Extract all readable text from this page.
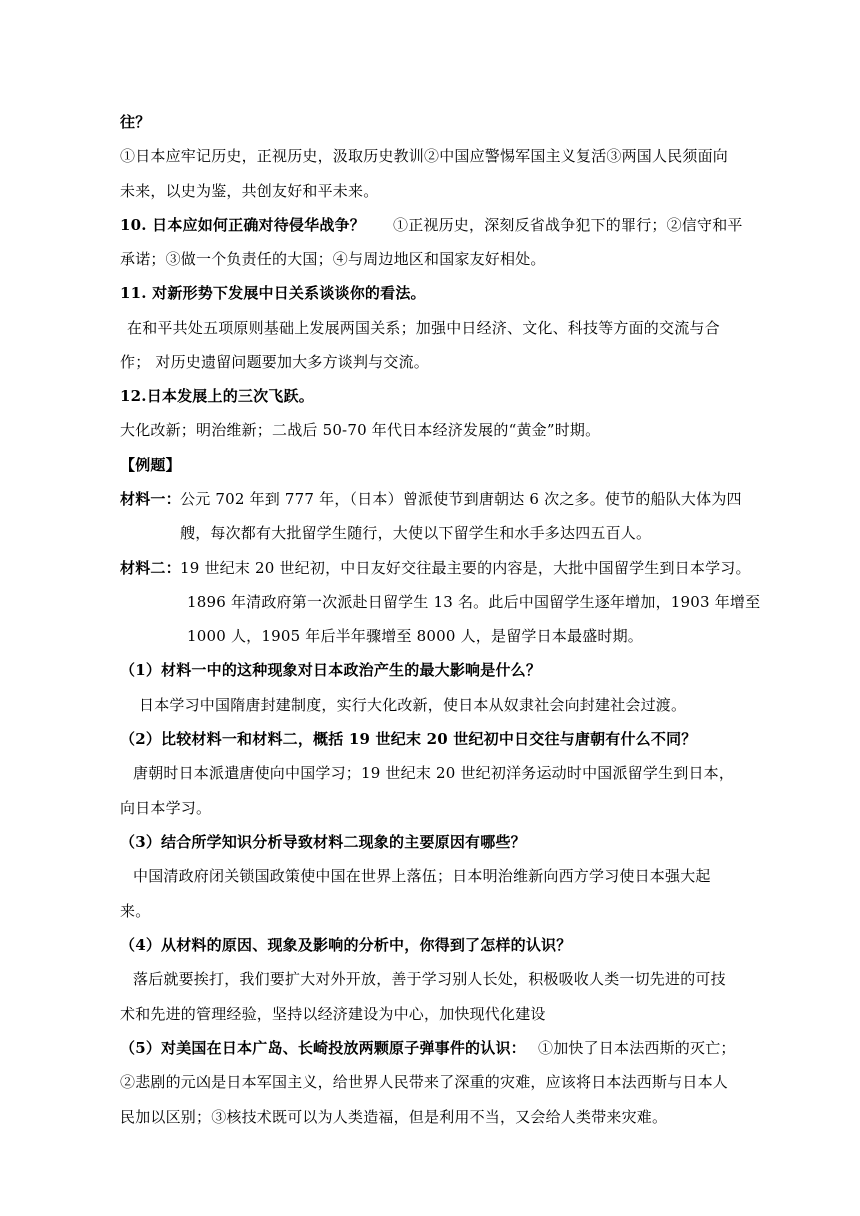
往？
①日本应牢记历史，正视历史，汲取历史教训②中国应警惕军国主义复活③两国人民须面向
未来，以史为鉴，共创友好和平未来。
10. 日本应如何正确对待侵华战争？ ①正视历史，深刻反省战争犯下的罪行；②信守和平
承诺；③做一个负责任的大国；④与周边地区和国家友好相处。
11. 对新形势下发展中日关系谈谈你的看法。
在和平共处五项原则基础上发展两国关系；加强中日经济、文化、科技等方面的交流与合
作； 对历史遗留问题要加大多方谈判与交流。
12.日本发展上的三次飞跃。
大化改新；明治维新；二战后 50-70 年代日本经济发展的“黄金”时期。
【例题】
材料一： 公元 702 年到 777 年，（日本）曾派使节到唐朝达 6 次之多。使节的船队大体为四
艘，每次都有大批留学生随行，大使以下留学生和水手多达四五百人。
材料二： 19 世纪末 20 世纪初，中日友好交往最主要的内容是，大批中国留学生到日本学习。
1896 年清政府第一次派赴日留学生 13 名。此后中国留学生逐年增加，1903 年增至
1000 人，1905 年后半年骤增至 8000 人，是留学日本最盛时期。
（1）材料一中的这种现象对日本政治产生的最大影响是什么？
日本学习中国隋唐封建制度，实行大化改新，使日本从奴隶社会向封建社会过渡。
（2）比较材料一和材料二，概括 19 世纪末 20 世纪初中日交往与唐朝有什么不同？
唐朝时日本派遣唐使向中国学习；19 世纪末 20 世纪初洋务运动时中国派留学生到日本，
向日本学习。
（3）结合所学知识分析导致材料二现象的主要原因有哪些？
中国清政府闭关锁国政策使中国在世界上落伍；日本明治维新向西方学习使日本强大起
来。
（4）从材料的原因、现象及影响的分析中，你得到了怎样的认识？
落后就要挨打，我们要扩大对外开放，善于学习别人长处，积极吸收人类一切先进的可技
术和先进的管理经验，坚持以经济建设为中心，加快现代化建设
（5）对美国在日本广岛、长崎投放两颗原子弹事件的认识： ①加快了日本法西斯的灭亡；
②悲剧的元凶是日本军国主义，给世界人民带来了深重的灾难，应该将日本法西斯与日本人
民加以区别；③核技术既可以为人类造福，但是利用不当，又会给人类带来灾难。
